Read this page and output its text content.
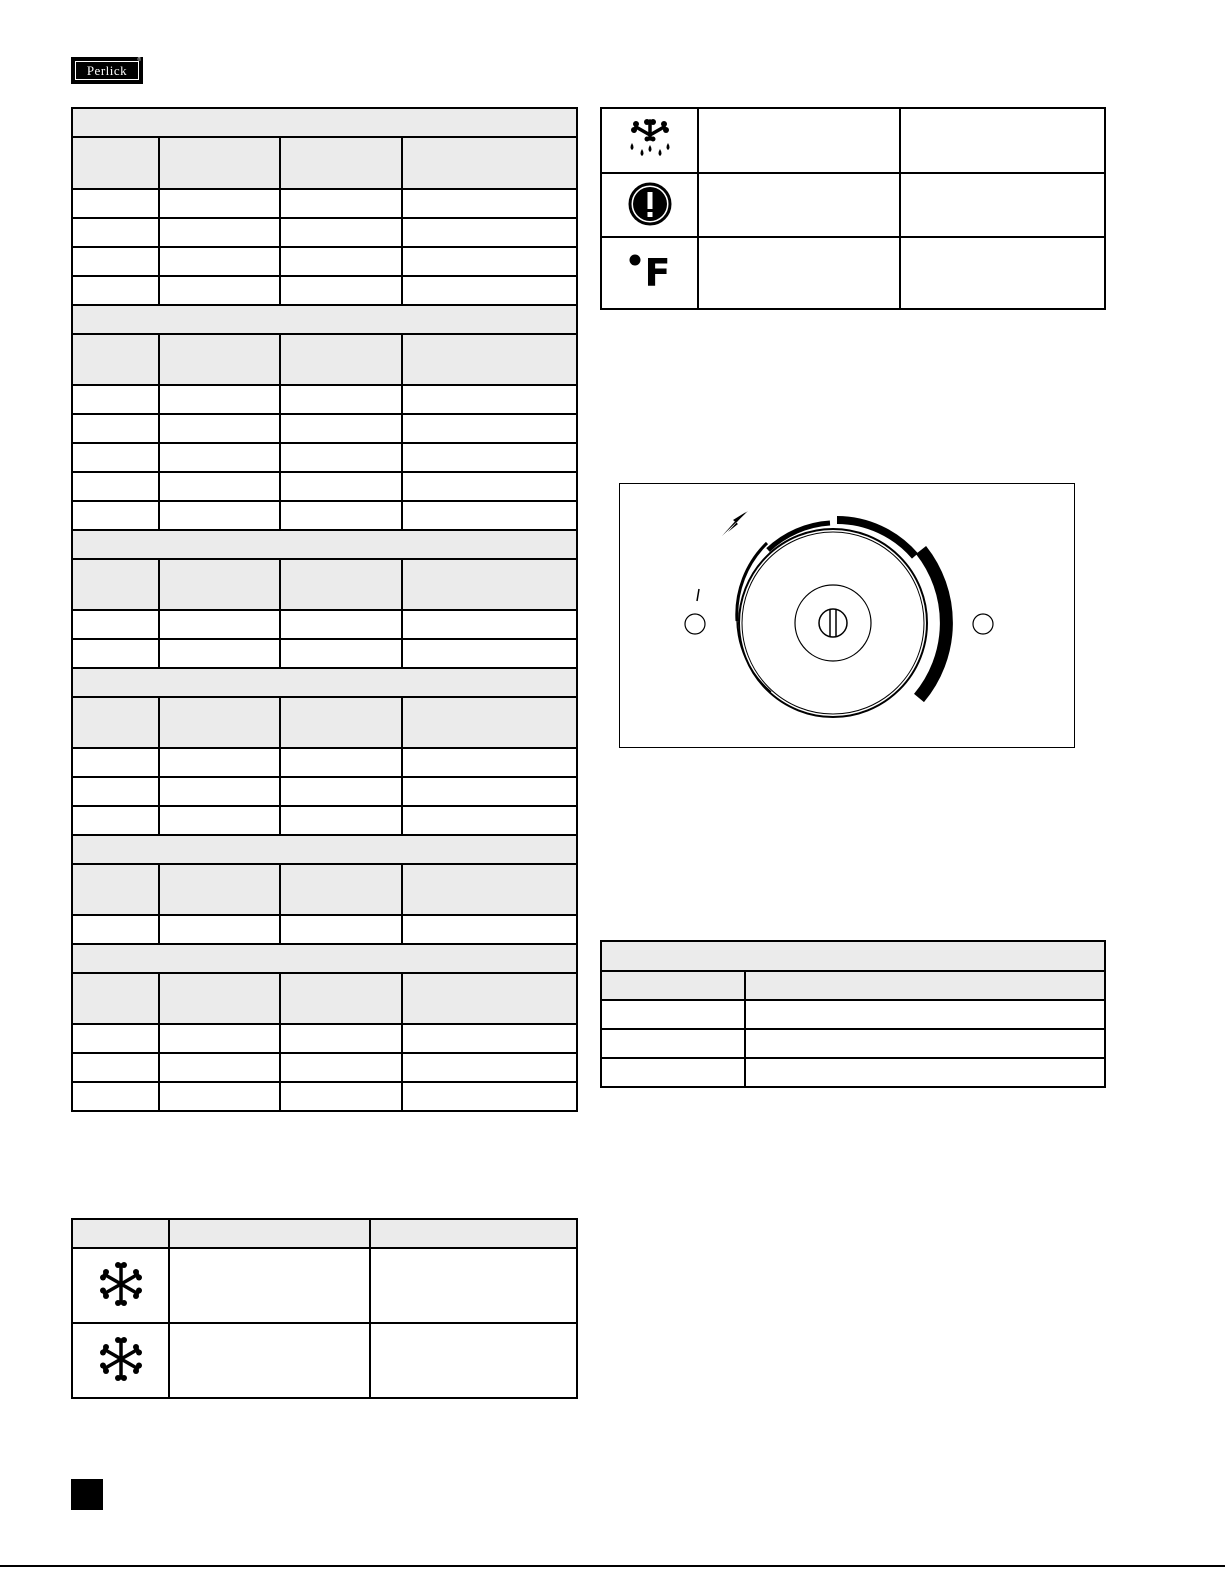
Perlick
®

F		
